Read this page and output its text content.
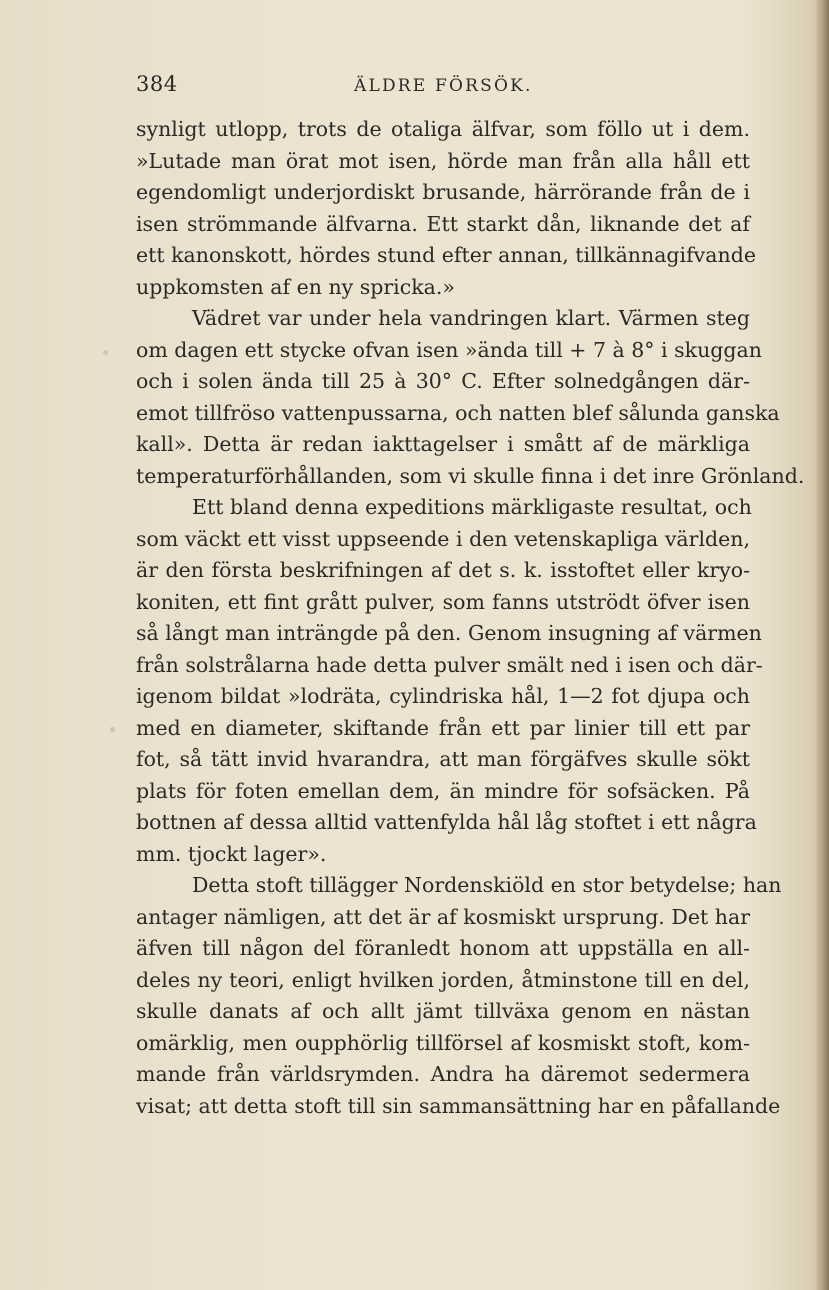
384	ÄLDRE FÖRSÖK.
synligt utlopp, trots de otaliga älfvar, som föllo ut i dem.
»Lutade man örat mot isen, hörde man från alla håll ett
egendomligt underjordiskt brusande, härrörande från de i
isen strömmande älfvarna. Ett starkt dån, liknande det af
ett kanonskott, hördes stund efter annan, tillkännagifvande
uppkomsten af en ny spricka.»
Vädret var under hela vandringen klart. Värmen steg
om dagen ett stycke ofvan isen »ända till + 7 à 8° i skuggan
och i solen ända till 25 à 30° C. Efter solnedgången där-
emot tillfröso vattenpussarna, och natten blef sålunda ganska
kall». Detta är redan iakttagelser i smått af de märkliga
temperaturförhållanden, som vi skulle finna i det inre Grönland.
Ett bland denna expeditions märkligaste resultat, och
som väckt ett visst uppseende i den vetenskapliga världen,
är den första beskrifningen af det s. k. isstoftet eller kryo-
koniten, ett fint grått pulver, som fanns utströdt öfver isen
så långt man inträngde på den. Genom insugning af värmen
från solstrålarna hade detta pulver smält ned i isen och där-
igenom bildat »lodräta, cylindriska hål, 1—2 fot djupa och
med en diameter, skiftande från ett par linier till ett par
fot, så tätt invid hvarandra, att man förgäfves skulle sökt
plats för foten emellan dem, än mindre för sofsäcken. På
bottnen af dessa alltid vattenfylda hål låg stoftet i ett några
mm. tjockt lager».
Detta stoft tillägger Nordenskiöld en stor betydelse; han
antager nämligen, att det är af kosmiskt ursprung. Det har
äfven till någon del föranledt honom att uppställa en all-
deles ny teori, enligt hvilken jorden, åtminstone till en del,
skulle danats af och allt jämt tillväxa genom en nästan
omärklig, men oupphörlig tillförsel af kosmiskt stoft, kom-
mande från världsrymden. Andra ha däremot sedermera
visat; att detta stoft till sin sammansättning har en påfallande
